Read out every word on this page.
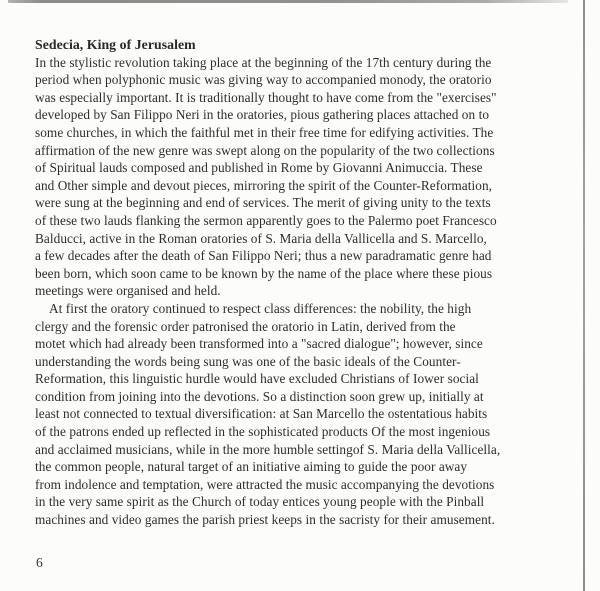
Sedecia, King of Jerusalem
In the stylistic revolution taking place at the beginning of the 17th century during the
period when polyphonic music was giving way to accompanied monody, the oratorio
was especially important. It is traditionally thought to have come from the "exercises"
developed by San Filippo Neri in the oratories, pious gathering places attached on to
some churches, in which the faithful met in their free time for edifying activities. The
affirmation of the new genre was swept along on the popularity of the two collections
of Spiritual lauds composed and published in Rome by Giovanni Animuccia. These
and Other simple and devout pieces, mirroring the spirit of the Counter-Reformation,
were sung at the beginning and end of services. The merit of giving unity to the texts
of these two lauds flanking the sermon apparently goes to the Palermo poet Francesco
Balducci, active in the Roman oratories of S. Maria della Vallicella and S. Marcello,
a few decades after the death of San Filippo Neri; thus a new paradramatic genre had
been born, which soon came to be known by the name of the place where these pious
meetings were organised and held.
At first the oratory continued to respect class differences: the nobility, the high
clergy and the forensic order patronised the oratorio in Latin, derived from the
motet which had already been transformed into a "sacred dialogue"; however, since
understanding the words being sung was one of the basic ideals of the Counter-
Reformation, this linguistic hurdle would have excluded Christians of Iower social
condition from joining into the devotions. So a distinction soon grew up, initially at
least not connected to textual diversification: at San Marcello the ostentatious habits
of the patrons ended up reflected in the sophisticated products Of the most ingenious
and acclaimed musicians, while in the more humble settingof S. Maria della Vallicella,
the common people, natural target of an initiative aiming to guide the poor away
from indolence and temptation, were attracted the music accompanying the devotions
in the very same spirit as the Church of today entices young people with the Pinball
machines and video games the parish priest keeps in the sacristy for their amusement.
6
